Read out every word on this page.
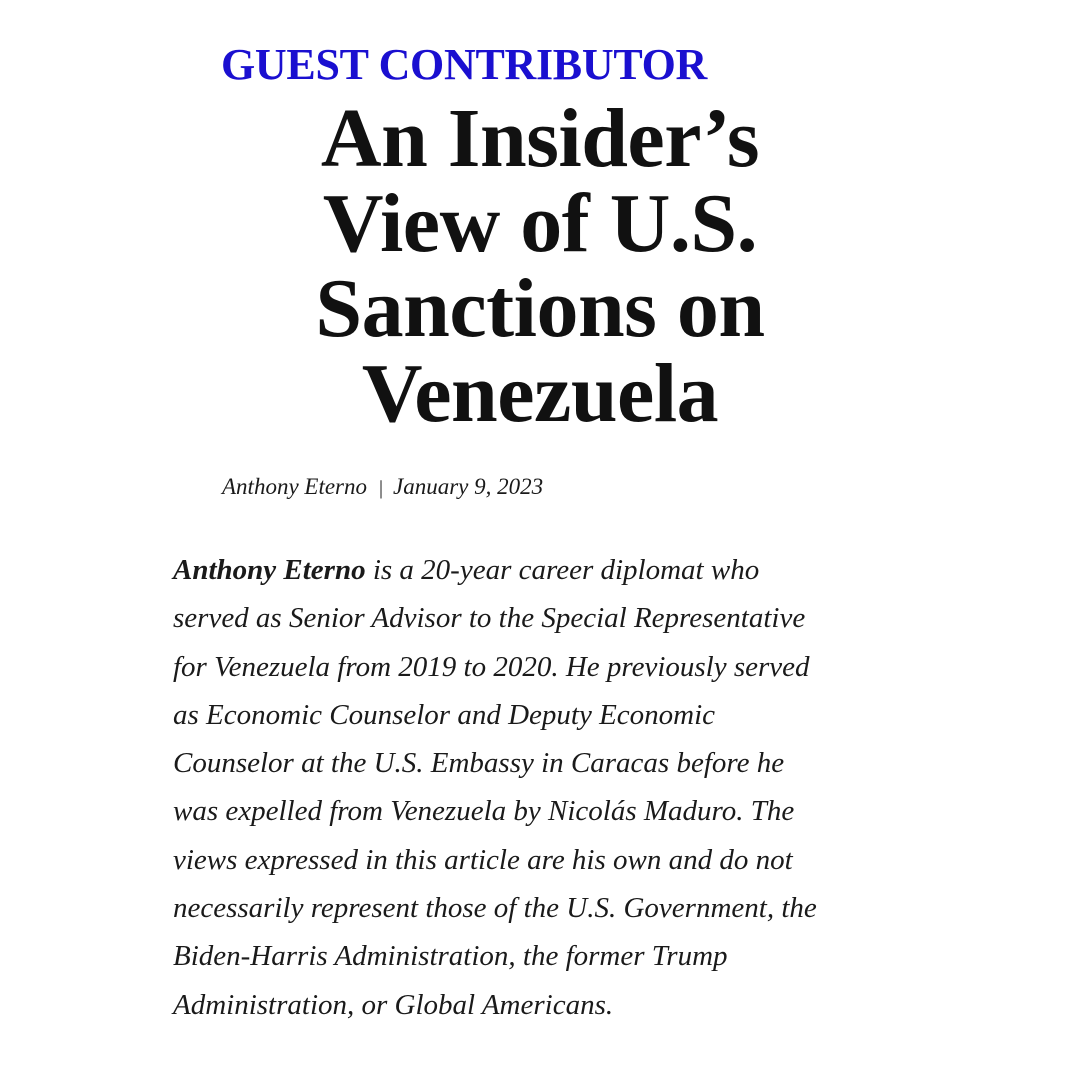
GUEST CONTRIBUTOR
An Insider’s
View of U.S.
Sanctions on
Venezuela
Anthony Eterno | January 9, 2023
Anthony Eterno is a 20-year career diplomat who
served as Senior Advisor to the Special Representative
for Venezuela from 2019 to 2020. He previously served
as Economic Counselor and Deputy Economic
Counselor at the U.S. Embassy in Caracas before he
was expelled from Venezuela by Nicolás Maduro. The
views expressed in this article are his own and do not
necessarily represent those of the U.S. Government, the
Biden-Harris Administration, the former Trump
Administration, or Global Americans.
